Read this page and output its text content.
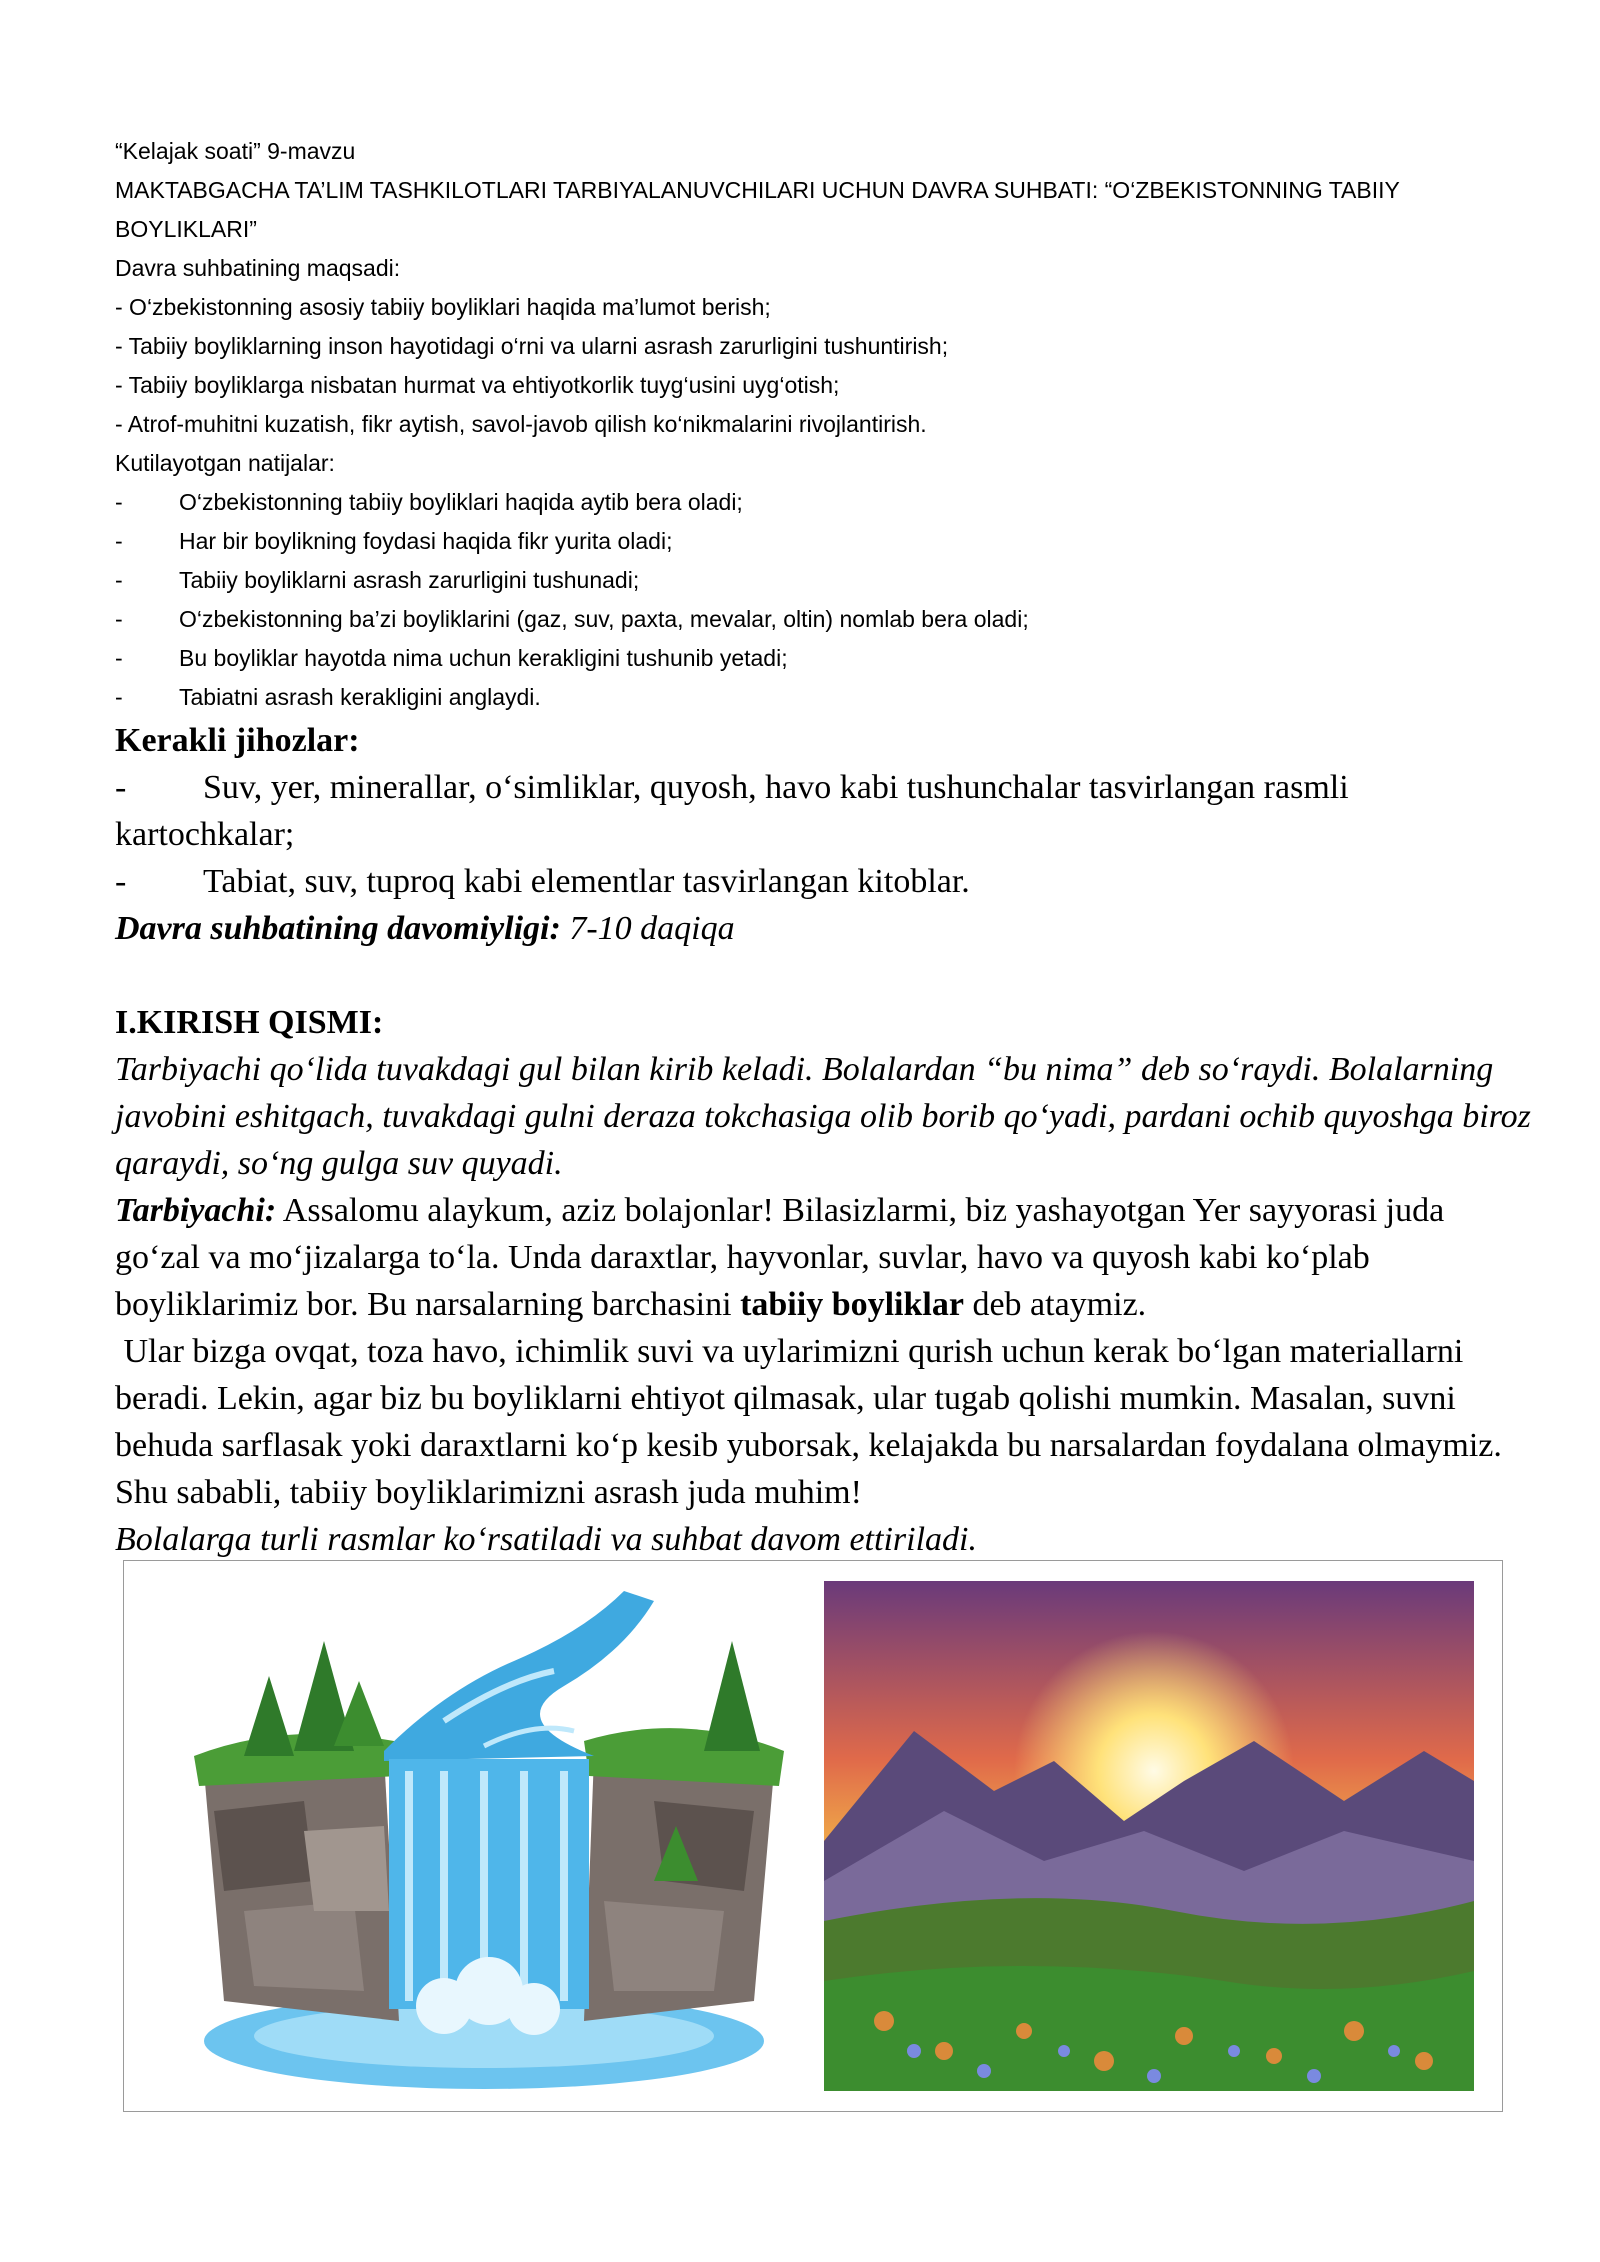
“Kelajak soati” 9-mavzu
MAKTABGACHA TA’LIM TASHKILOTLARI TARBIYALANUVCHILARI UCHUN DAVRA SUHBATI: “O‘ZBEKISTONNING TABIIY BOYLIKLARI”
Davra suhbatining maqsadi:
- O‘zbekistonning asosiy tabiiy boyliklari haqida ma’lumot berish;
- Tabiiy boyliklarning inson hayotidagi o‘rni va ularni asrash zarurligini tushuntirish;
- Tabiiy boyliklarga nisbatan hurmat va ehtiyotkorlik tuyg‘usini uyg‘otish;
- Atrof-muhitni kuzatish, fikr aytish, savol-javob qilish ko‘nikmalarini rivojlantirish.
Kutilayotgan natijalar:
-	O‘zbekistonning tabiiy boyliklari haqida aytib bera oladi;
-	Har bir boylikning foydasi haqida fikr yurita oladi;
-	Tabiiy boyliklarni asrash zarurligini tushunadi;
-	O‘zbekistonning ba’zi boyliklarini (gaz, suv, paxta, mevalar, oltin) nomlab bera oladi;
-	Bu boyliklar hayotda nima uchun kerakligini tushunib yetadi;
-	Tabiatni asrash kerakligini anglaydi.
Kerakli jihozlar:
- Suv, yer, minerallar, o‘simliklar, quyosh, havo kabi tushunchalar tasvirlangan rasmli kartochkalar;
- Tabiat, suv, tuproq kabi elementlar tasvirlangan kitoblar.
Davra suhbatining davomiyligi: 7-10 daqiqa
I.KIRISH QISMI:
Tarbiyachi qo‘lida tuvakdagi gul bilan kirib keladi. Bolalardan “bu nima” deb so‘raydi. Bolalarning javobini eshitgach, tuvakdagi gulni deraza tokchasiga olib borib qo‘yadi, pardani ochib quyoshga biroz qaraydi, so‘ng gulga suv quyadi.
Tarbiyachi: Assalomu alaykum, aziz bolajonlar! Bilasizlarmi, biz yashayotgan Yer sayyorasi juda go‘zal va mo‘jizalarga to‘la. Unda daraxtlar, hayvonlar, suvlar, havo va quyosh kabi ko‘plab boyliklarimiz bor. Bu narsalarning barchasini tabiiy boyliklar deb ataymiz.
Ular bizga ovqat, toza havo, ichimlik suvi va uylarimizni qurish uchun kerak bo‘lgan materiallarni beradi. Lekin, agar biz bu boyliklarni ehtiyot qilmasak, ular tugab qolishi mumkin. Masalan, suvni behuda sarflasak yoki daraxtlarni ko‘p kesib yuborsak, kelajakda bu narsalardan foydalana olmaymiz. Shu sababli, tabiiy boyliklarimizni asrash juda muhim!
Bolalarga turli rasmlar ko‘rsatiladi va suhbat davom ettiriladi.
